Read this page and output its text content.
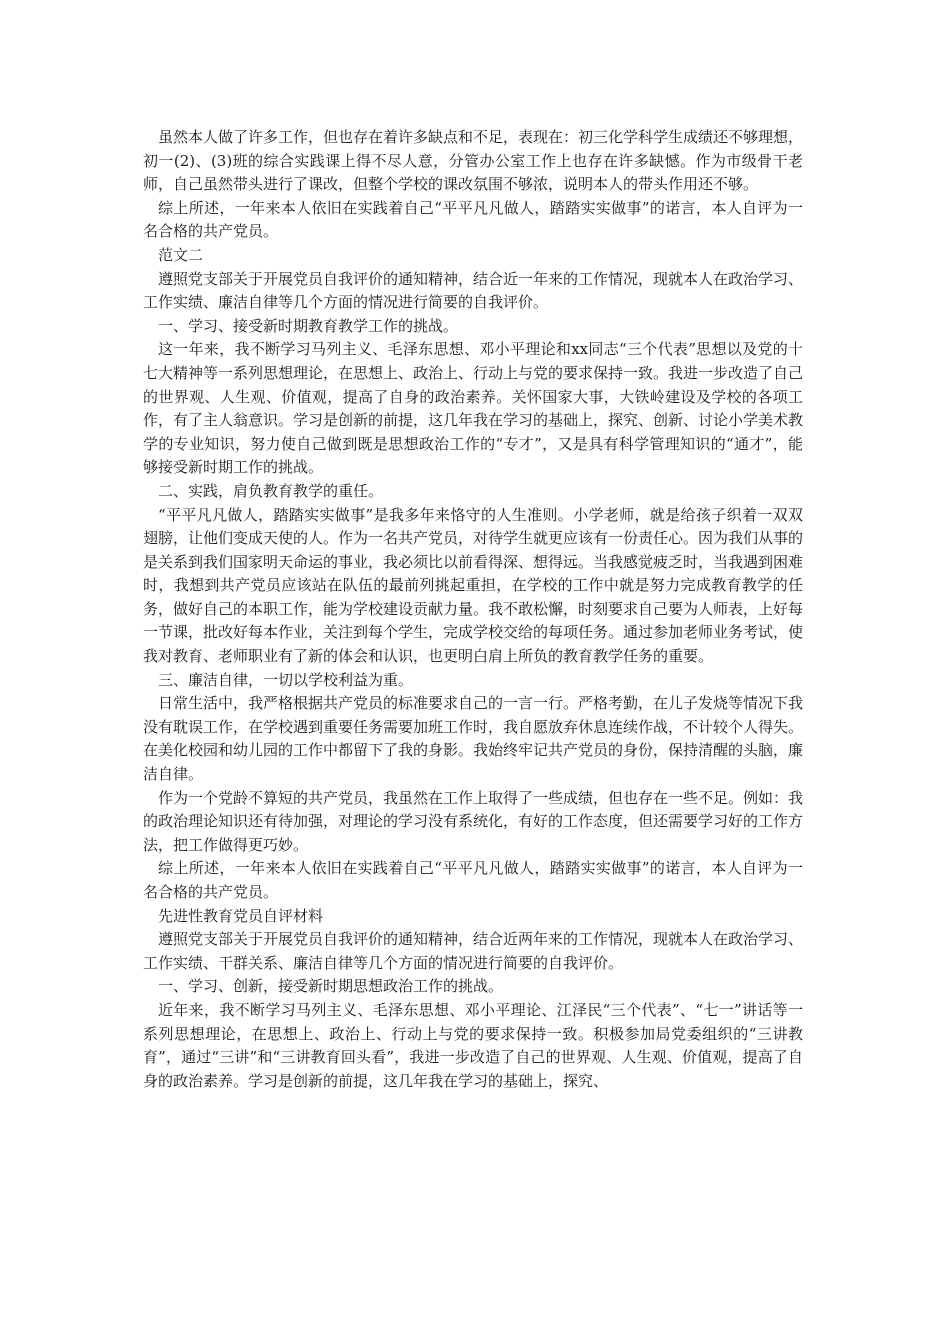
虽然本人做了许多工作，但也存在着许多缺点和不足，表现在：初三化学科学生成绩还不够理想，初一(2)、(3)班的综合实践课上得不尽人意，分管办公室工作上也存在许多缺憾。作为市级骨干老师，自己虽然带头进行了课改，但整个学校的课改氛围不够浓，说明本人的带头作用还不够。

综上所述，一年来本人依旧在实践着自己“平平凡凡做人，踏踏实实做事”的诺言，本人自评为一名合格的共产党员。

范文二

遵照党支部关于开展党员自我评价的通知精神，结合近一年来的工作情况，现就本人在政治学习、工作实绩、廉洁自律等几个方面的情况进行简要的自我评价。

一、学习、接受新时期教育教学工作的挑战。

这一年来，我不断学习马列主义、毛泽东思想、邓小平理论和xx同志“三个代表”思想以及党的十七大精神等一系列思想理论，在思想上、政治上、行动上与党的要求保持一致。我进一步改造了自己的世界观、人生观、价值观，提高了自身的政治素养。关怀国家大事，大铁岭建设及学校的各项工作，有了主人翁意识。学习是创新的前提，这几年我在学习的基础上，探究、创新、讨论小学美术教学的专业知识，努力使自己做到既是思想政治工作的“专才”，又是具有科学管理知识的“通才”，能够接受新时期工作的挑战。

二、实践，肩负教育教学的重任。

“平平凡凡做人，踏踏实实做事”是我多年来恪守的人生准则。小学老师，就是给孩子织着一双双翅膀，让他们变成天使的人。作为一名共产党员，对待学生就更应该有一份责任心。因为我们从事的是关系到我们国家明天命运的事业，我必须比以前看得深、想得远。当我感觉疲乏时，当我遇到困难时，我想到共产党员应该站在队伍的最前列挑起重担，在学校的工作中就是努力完成教育教学的任务，做好自己的本职工作，能为学校建设贡献力量。我不敢松懈，时刻要求自己要为人师表，上好每一节课，批改好每本作业，关注到每个学生，完成学校交给的每项任务。通过参加老师业务考试，使我对教育、老师职业有了新的体会和认识，也更明白肩上所负的教育教学任务的重要。

三、廉洁自律，一切以学校利益为重。

日常生活中，我严格根据共产党员的标准要求自己的一言一行。严格考勤，在儿子发烧等情况下我没有耽误工作，在学校遇到重要任务需要加班工作时，我自愿放弃休息连续作战，不计较个人得失。在美化校园和幼儿园的工作中都留下了我的身影。我始终牢记共产党员的身份，保持清醒的头脑，廉洁自律。

作为一个党龄不算短的共产党员，我虽然在工作上取得了一些成绩，但也存在一些不足。例如：我的政治理论知识还有待加强，对理论的学习没有系统化，有好的工作态度，但还需要学习好的工作方法，把工作做得更巧妙。

综上所述，一年来本人依旧在实践着自己“平平凡凡做人，踏踏实实做事”的诺言，本人自评为一名合格的共产党员。

先进性教育党员自评材料

遵照党支部关于开展党员自我评价的通知精神，结合近两年来的工作情况，现就本人在政治学习、工作实绩、干群关系、廉洁自律等几个方面的情况进行简要的自我评价。

一、学习、创新，接受新时期思想政治工作的挑战。

近年来，我不断学习马列主义、毛泽东思想、邓小平理论、江泽民“三个代表”、“七一”讲话等一系列思想理论，在思想上、政治上、行动上与党的要求保持一致。积极参加局党委组织的“三讲教育”，通过“三讲”和“三讲教育回头看”，我进一步改造了自己的世界观、人生观、价值观，提高了自身的政治素养。学习是创新的前提，这几年我在学习的基础上，探究、
